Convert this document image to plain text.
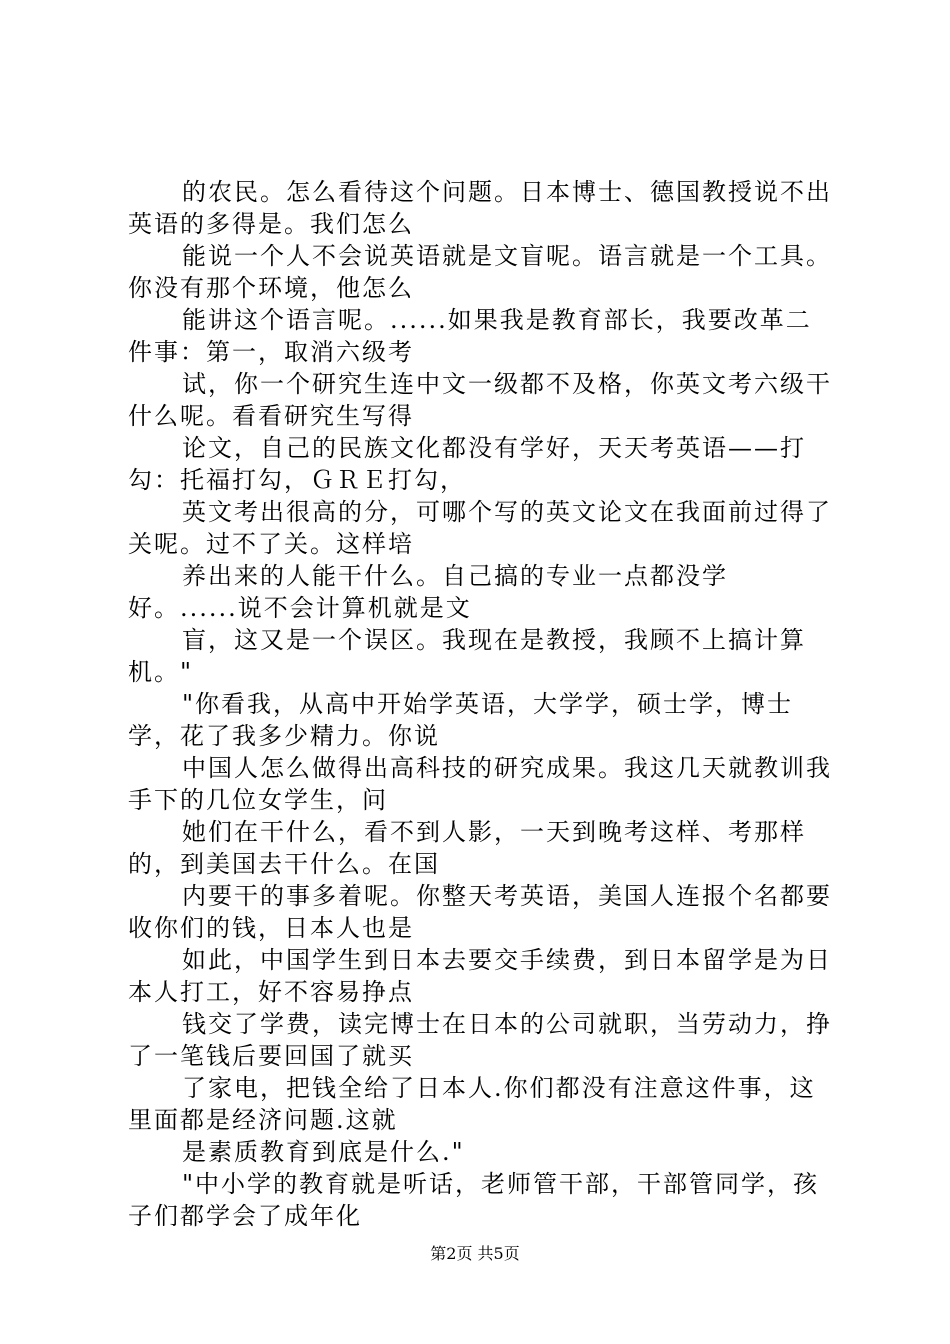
的农民。怎么看待这个问题。日本博士、德国教授说不出英语的多得是。我们怎么

能说一个人不会说英语就是文盲呢。语言就是一个工具。你没有那个环境，他怎么

能讲这个语言呢。......如果我是教育部长，我要改革二件事：第一，取消六级考

试，你一个研究生连中文一级都不及格，你英文考六级干什么呢。看看研究生写得

论文，自己的民族文化都没有学好，天天考英语——打勾：托福打勾，ＧＲＥ打勾，

英文考出很高的分，可哪个写的英文论文在我面前过得了关呢。过不了关。这样培

养出来的人能干什么。自己搞的专业一点都没学好。......说不会计算机就是文

盲，这又是一个误区。我现在是教授，我顾不上搞计算机。"

"你看我，从高中开始学英语，大学学，硕士学，博士学，花了我多少精力。你说

中国人怎么做得出高科技的研究成果。我这几天就教训我手下的几位女学生，问

她们在干什么，看不到人影，一天到晚考这样、考那样的，到美国去干什么。在国

内要干的事多着呢。你整天考英语，美国人连报个名都要收你们的钱，日本人也是

如此，中国学生到日本去要交手续费，到日本留学是为日本人打工，好不容易挣点

钱交了学费，读完博士在日本的公司就职，当劳动力，挣了一笔钱后要回国了就买

了家电，把钱全给了日本人.你们都没有注意这件事，这里面都是经济问题.这就

是素质教育到底是什么."

"中小学的教育就是听话，老师管干部，干部管同学，孩子们都学会了成年化

第2页 共5页
